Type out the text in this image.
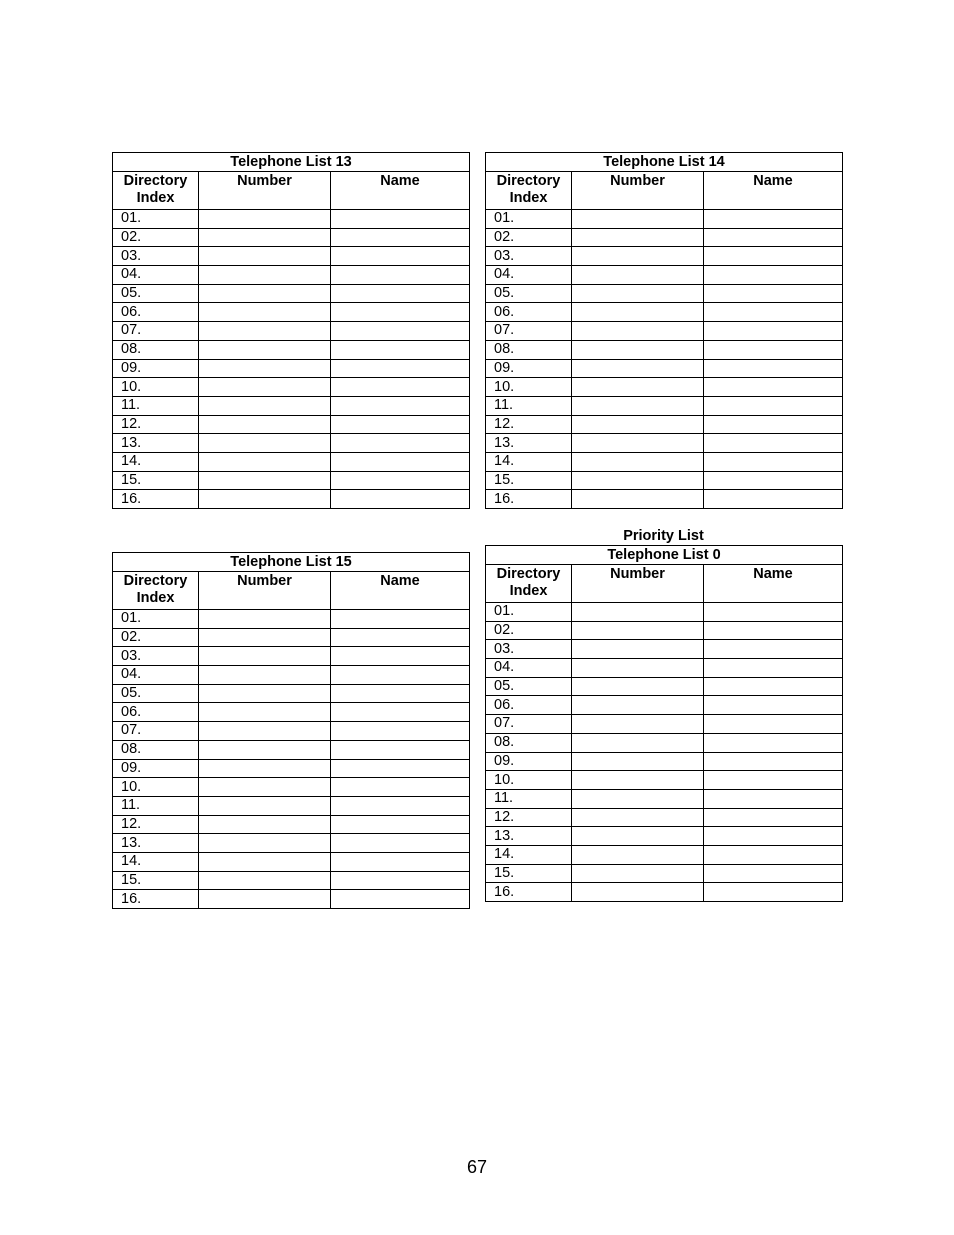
Telephone List 13		
Directory Index	Number	Name
01.		
02.		
03.		
04.		
05.		
06.		
07.		
08.		
09.		
10.		
11.		
12.		
13.		
14.		
15.		
16.		
Telephone List 14		
Directory Index	Number	Name
01.		
02.		
03.		
04.		
05.		
06.		
07.		
08.		
09.		
10.		
11.		
12.		
13.		
14.		
15.		
16.		
Telephone List 15		
Directory Index	Number	Name
01.		
02.		
03.		
04.		
05.		
06.		
07.		
08.		
09.		
10.		
11.		
12.		
13.		
14.		
15.		
16.		
Priority List
Telephone List 0		
Directory Index	Number	Name
01.		
02.		
03.		
04.		
05.		
06.		
07.		
08.		
09.		
10.		
11.		
12.		
13.		
14.		
15.		
16.		
67
